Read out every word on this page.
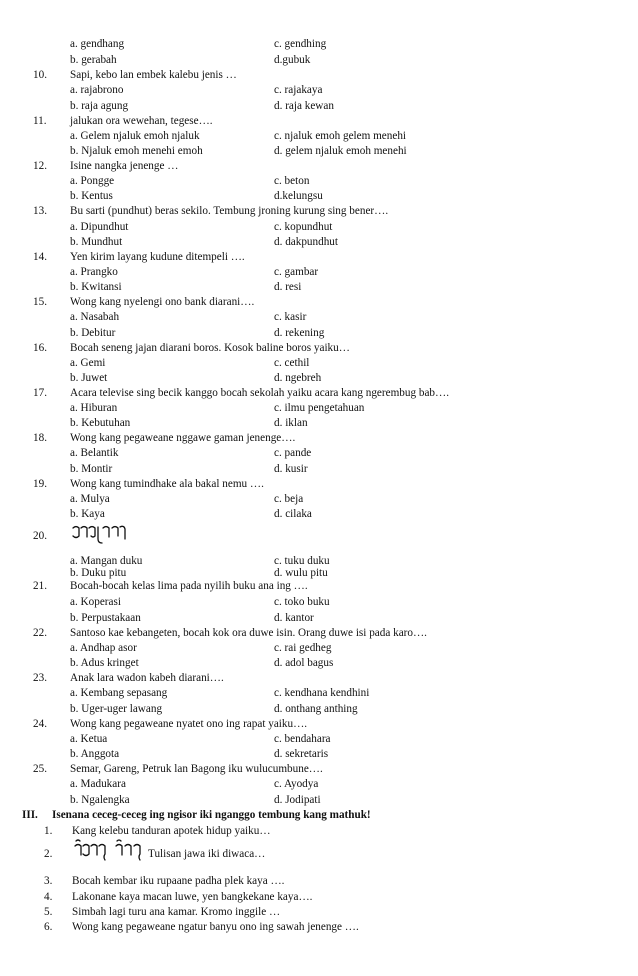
a. gendhang	c. gendhing
b. gerabah	d.gubuk
10. Sapi, kebo lan embek kalebu jenis …
a. rajabrono	c. rajakaya
b. raja agung	d. raja kewan
11. jalukan ora wewehan, tegese….
a. Gelem njaluk emoh njaluk	c. njaluk emoh gelem menehi
b. Njaluk emoh menehi emoh	d. gelem njaluk emoh menehi
12. Isine nangka jenenge …
a. Pongge	c. beton
b. Kentus	d.kelungsu
13. Bu sarti (pundhut) beras sekilo. Tembung jroning kurung sing bener….
a. Dipundhut	c. kopundhut
b. Mundhut	d. dakpundhut
14. Yen kirim layang kudune ditempeli ….
a. Prangko	c. gambar
b. Kwitansi	d. resi
15. Wong kang nyelengi ono bank diarani….
a. Nasabah	c. kasir
b. Debitur	d. rekening
16. Bocah seneng jajan diarani boros. Kosok baline boros yaiku…
a. Gemi	c. cethil
b. Juwet	d. ngebreh
17. Acara televise sing becik kanggo bocah sekolah yaiku acara kang ngerembug bab….
a. Hiburan	c. ilmu pengetahuan
b. Kebutuhan	d. iklan
18. Wong kang pegaweane nggawe gaman jenenge….
a. Belantik	c. pande
b. Montir	d. kusir
19. Wong kang tumindhake ala bakal nemu ….
a. Mulya	c. beja
b. Kaya	d. cilaka
20.
a. Mangan duku	c. tuku duku
b. Duku pitu	d. wulu pitu
21. Bocah-bocah kelas lima pada nyilih buku ana ing ….
a. Koperasi	c. toko buku
b. Perpustakaan	d. kantor
22. Santoso kae kebangeten, bocah kok ora duwe isin. Orang duwe isi pada karo….
a. Andhap asor	c. rai gedheg
b. Adus kringet	d. adol bagus
23. Anak lara wadon kabeh diarani….
a. Kembang sepasang	c. kendhana kendhini
b. Uger-uger lawang	d. onthang anthing
24. Wong kang pegaweane nyatet ono ing rapat yaiku….
a. Ketua	c. bendahara
b. Anggota	d. sekretaris
25. Semar, Gareng, Petruk lan Bagong iku wulucumbune….
a. Madukara	c. Ayodya
b. Ngalengka	d. Jodipati
III. Isenana ceceg-ceceg ing ngisor iki nganggo tembung kang mathuk!
1. Kang kelebu tanduran apotek hidup yaiku…
2.	Tulisan jawa iki diwaca…
3. Bocah kembar iku rupaane padha plek kaya ….
4. Lakonane kaya macan luwe, yen bangkekane kaya….
5. Simbah lagi turu ana kamar. Kromo inggile …
6. Wong kang pegaweane ngatur banyu ono ing sawah jenenge ….
